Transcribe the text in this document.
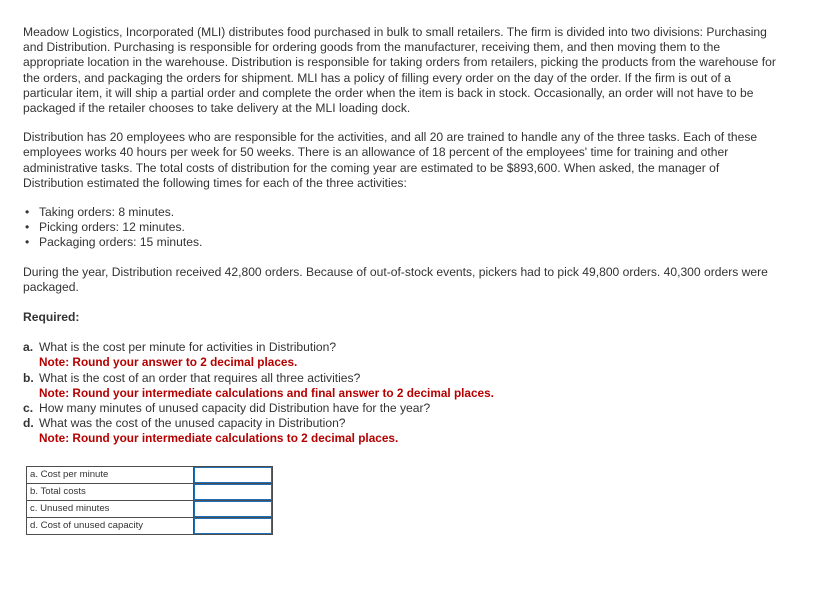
Meadow Logistics, Incorporated (MLI) distributes food purchased in bulk to small retailers. The firm is divided into two divisions: Purchasing and Distribution. Purchasing is responsible for ordering goods from the manufacturer, receiving them, and then moving them to the appropriate location in the warehouse. Distribution is responsible for taking orders from retailers, picking the products from the warehouse for the orders, and packaging the orders for shipment. MLI has a policy of filling every order on the day of the order. If the firm is out of a particular item, it will ship a partial order and complete the order when the item is back in stock. Occasionally, an order will not have to be packaged if the retailer chooses to take delivery at the MLI loading dock.

Distribution has 20 employees who are responsible for the activities, and all 20 are trained to handle any of the three tasks. Each of these employees works 40 hours per week for 50 weeks. There is an allowance of 18 percent of the employees' time for training and other administrative tasks. The total costs of distribution for the coming year are estimated to be $893,600. When asked, the manager of Distribution estimated the following times for each of the three activities:

• Taking orders: 8 minutes.
• Picking orders: 12 minutes.
• Packaging orders: 15 minutes.

During the year, Distribution received 42,800 orders. Because of out-of-stock events, pickers had to pick 49,800 orders. 40,300 orders were packaged.

Required:

a. What is the cost per minute for activities in Distribution?
Note: Round your answer to 2 decimal places.
b. What is the cost of an order that requires all three activities?
Note: Round your intermediate calculations and final answer to 2 decimal places.
c. How many minutes of unused capacity did Distribution have for the year?
d. What was the cost of the unused capacity in Distribution?
Note: Round your intermediate calculations to 2 decimal places.
a. Cost per minute	

b. Total costs	

c. Unused minutes	

d. Cost of unused capacity	
